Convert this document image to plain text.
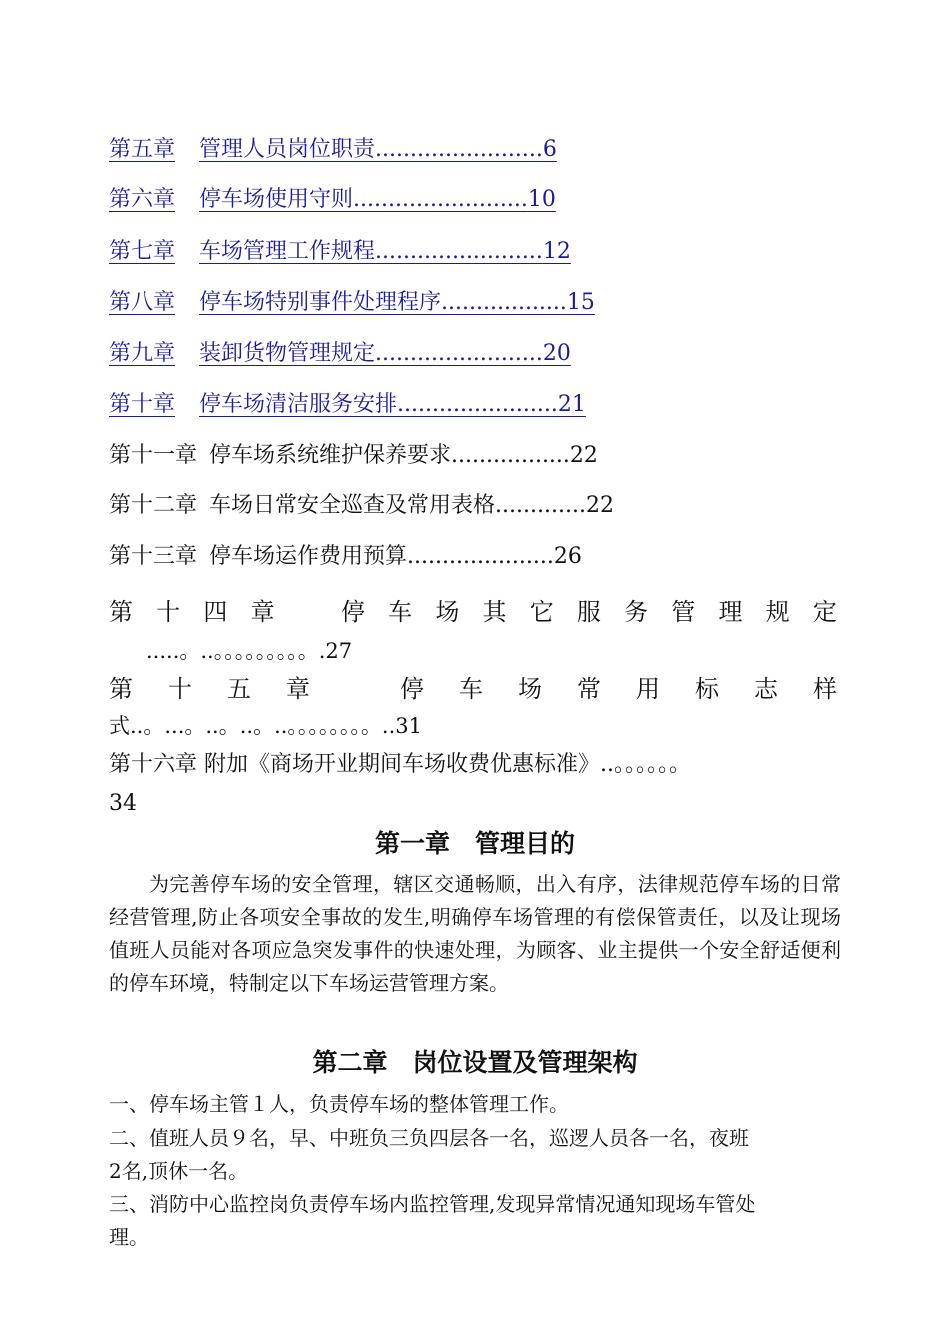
第五章 管理人员岗位职责........................6
第六章 停车场使用守则.........................10
第七章 车场管理工作规程........................12
第八章 停车场特别事件处理程序..................15
第九章 装卸货物管理规定........................20
第十章 停车场清洁服务安排.......................21
第十一章 停车场系统维护保养要求.................22
第十二章 车场日常安全巡查及常用表格.............22
第十三章 停车场运作费用预算.....................26
第 十 四 章	停 车 场 其 它 服 务 管 理 规 定
.....。..。。。。。。。。。.27
第 十 五 章	停 车 场 常 用 标 志 样
式..。...。..。..。..。。。。。。。。..31
第十六章 附加《商场开业期间车场收费优惠标准》..。。。。。。
34
第一章　管理目的
为完善停车场的安全管理，辖区交通畅顺，出入有序，法律规范停车场的日常经营管理,防止各项安全事故的发生,明确停车场管理的有偿保管责任，以及让现场值班人员能对各项应急突发事件的快速处理，为顾客、业主提供一个安全舒适便利的停车环境，特制定以下车场运营管理方案。
第二章　岗位设置及管理架构
一、停车场主管１人，负责停车场的整体管理工作。
二、值班人员９名，早、中班负三负四层各一名，巡逻人员各一名，夜班
2名,顶休一名。
三、消防中心监控岗负责停车场内监控管理,发现异常情况通知现场车管处
理。
